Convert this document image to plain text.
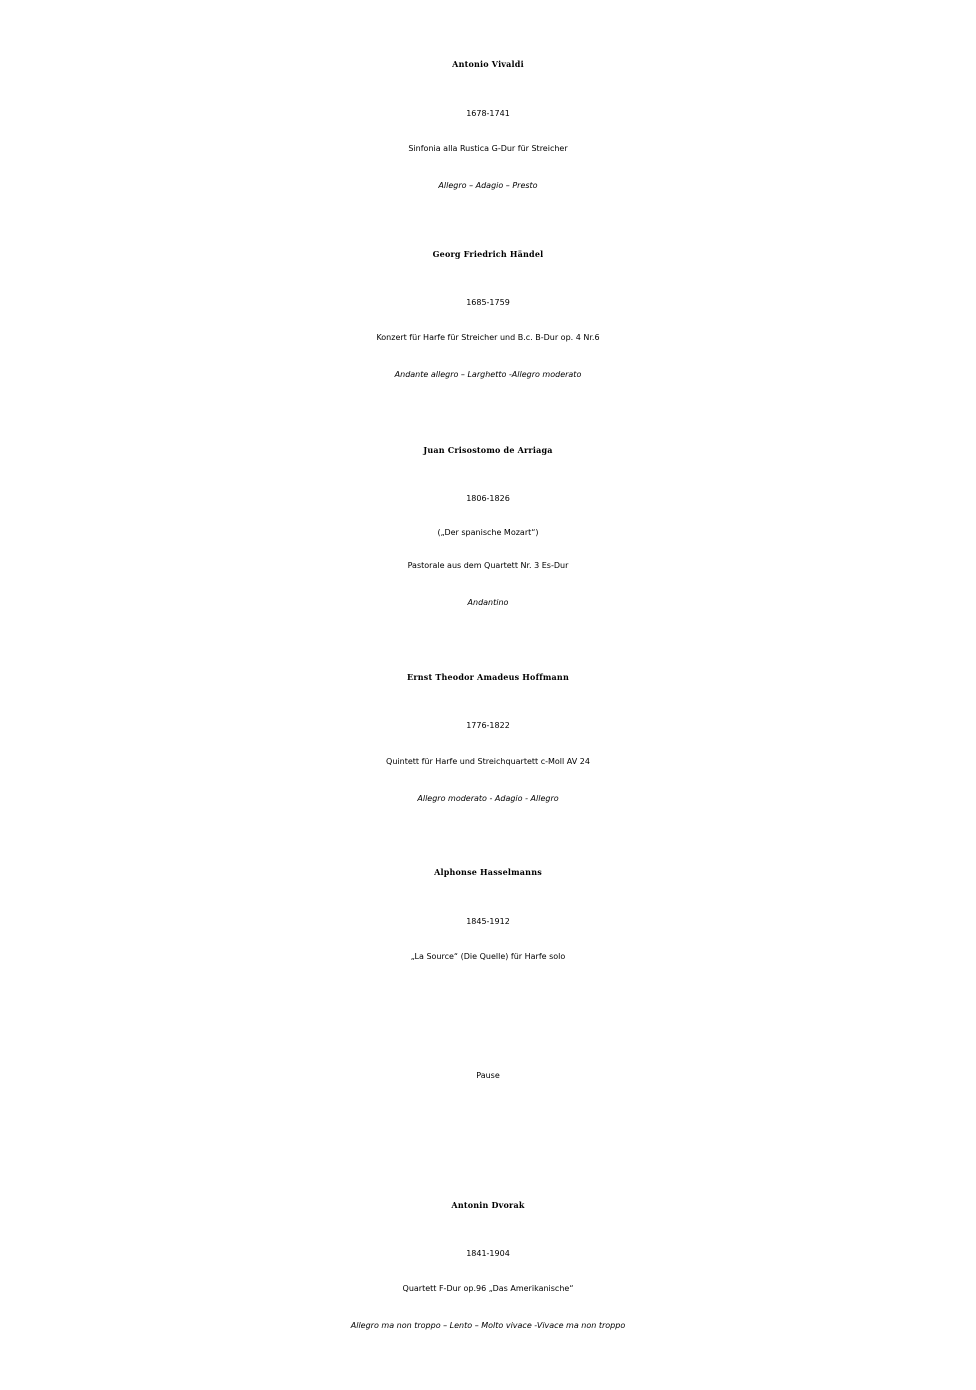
Antonio Vivaldi
1678-1741
Sinfonia alla Rustica G-Dur für Streicher
Allegro – Adagio – Presto
Georg Friedrich Händel
1685-1759
Konzert für Harfe für Streicher und B.c. B-Dur op. 4 Nr.6
Andante allegro – Larghetto -Allegro moderato
Juan Crisostomo de Arriaga
1806-1826
(„Der spanische Mozart“)
Pastorale aus dem Quartett Nr. 3 Es-Dur
Andantino
Ernst Theodor Amadeus Hoffmann
1776-1822
Quintett für Harfe und Streichquartett c-Moll AV 24
Allegro moderato - Adagio - Allegro
Alphonse Hasselmanns
1845-1912
„La Source“ (Die Quelle) für Harfe solo
Pause
Antonin Dvorak
1841-1904
Quartett F-Dur op.96 „Das Amerikanische“
Allegro ma non troppo – Lento – Molto vivace -Vivace ma non troppo
